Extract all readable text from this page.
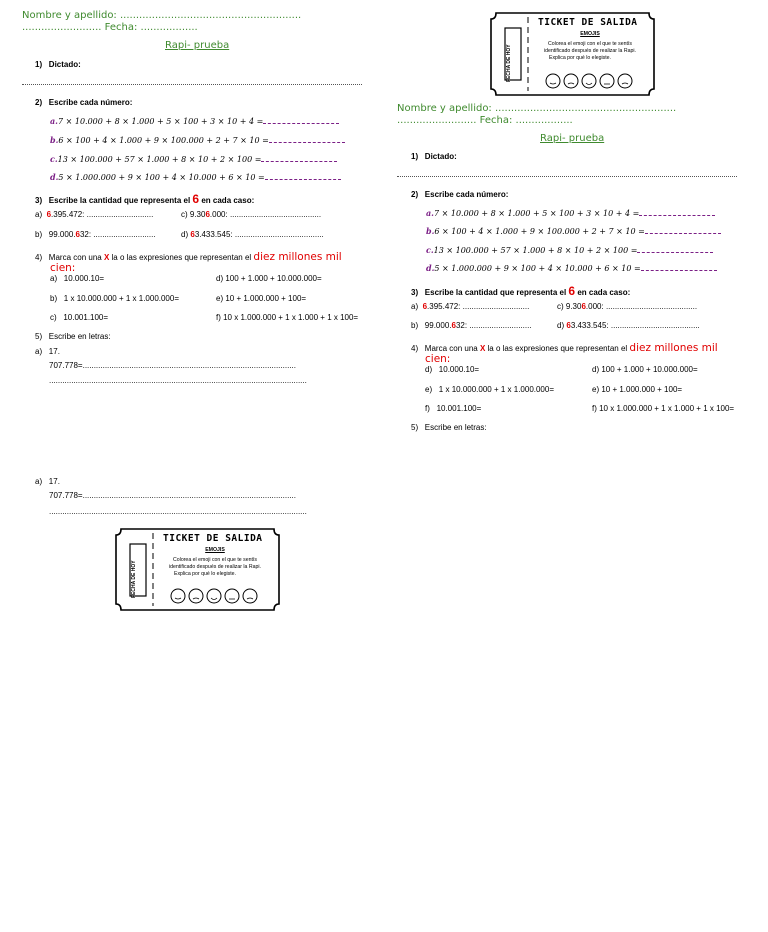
Nombre y apellido: .........................................................
......................... Fecha: ..................
Rapi- prueba
1) Dictado:
2) Escribe cada número:
a.7 × 10.000 + 8 × 1.000 + 5 × 100 + 3 × 10 + 4 =
b.6 × 100 + 4 × 1.000 + 9 × 100.000 + 2 + 7 × 10 =
c.13 × 100.000 + 57 × 1.000 + 8 × 10 + 2 × 100 =
d.5 × 1.000.000 + 9 × 100 + 4 × 10.000 + 6 × 10 =
3) Escribe la cantidad que representa el 6 en cada caso:
a) 6.395.472: ..............................	c) 9.306.000: .........................................
b) 99.000.632: ............................	d) 63.433.545: ........................................
4) Marca con una X la o las expresiones que representan el diez millones mil
cien:
a) 10.000.10=	d) 100 + 1.000 + 10.000.000=
b) 1 x 10.000.000 + 1 x 1.000.000=	e) 10 + 1.000.000 + 100=
c) 10.001.100=	f) 10 x 1.000.000 + 1 x 1.000 + 1 x 100=
5) Escribe en letras:
a) 17.
707.778=................................................................................................
....................................................................................................................
a) 17.
707.778=................................................................................................
....................................................................................................................
FECHA DE HOY
TICKET DE SALIDA
EMOJIS
Colorea el emoji con el que te sentís
identificado después de realizar la Rapi.
Explica por qué lo elegiste.
FECHA DE HOY
TICKET DE SALIDA
EMOJIS
Colorea el emoji con el que te sentís
identificado después de realizar la Rapi.
Explica por qué lo elegiste.
Nombre y apellido: .........................................................
......................... Fecha: ..................
Rapi- prueba
1) Dictado:
2) Escribe cada número:
a.7 × 10.000 + 8 × 1.000 + 5 × 100 + 3 × 10 + 4 =
b.6 × 100 + 4 × 1.000 + 9 × 100.000 + 2 + 7 × 10 =
c.13 × 100.000 + 57 × 1.000 + 8 × 10 + 2 × 100 =
d.5 × 1.000.000 + 9 × 100 + 4 × 10.000 + 6 × 10 =
3) Escribe la cantidad que representa el 6 en cada caso:
a) 6.395.472: ..............................	c) 9.306.000: .........................................
b) 99.000.632: ............................	d) 63.433.545: ........................................
4) Marca con una X la o las expresiones que representan el diez millones mil
cien:
d) 10.000.10=	d) 100 + 1.000 + 10.000.000=
e) 1 x 10.000.000 + 1 x 1.000.000=	e) 10 + 1.000.000 + 100=
f) 10.001.100=	f) 10 x 1.000.000 + 1 x 1.000 + 1 x 100=
5) Escribe en letras:
